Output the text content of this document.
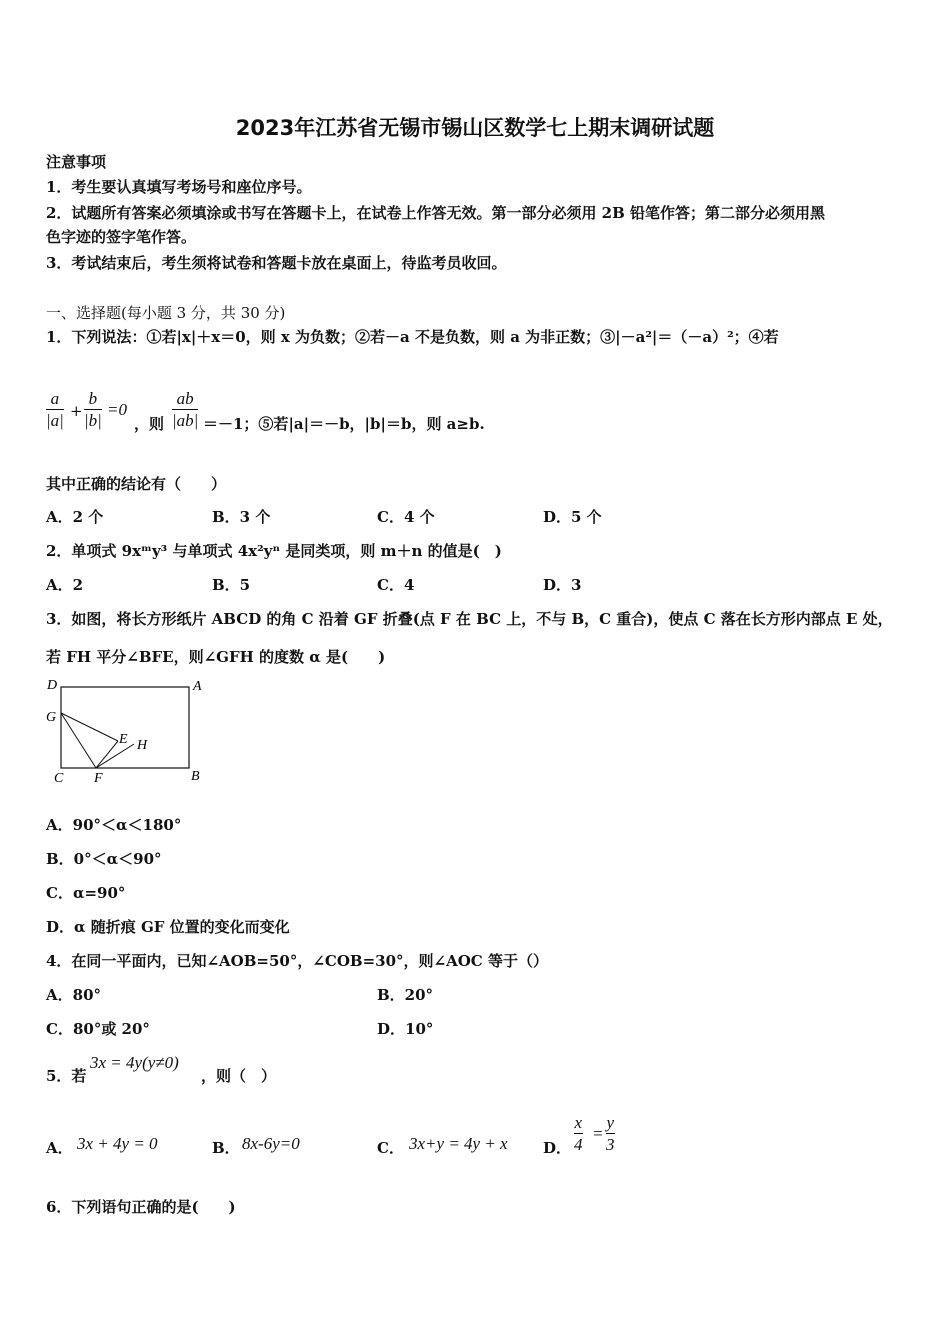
2023年江苏省无锡市锡山区数学七上期末调研试题
注意事项
1．考生要认真填写考场号和座位序号。
2．试题所有答案必须填涂或书写在答题卡上，在试卷上作答无效。第一部分必须用 2B 铅笔作答；第二部分必须用黑
色字迹的签字笔作答。
3．考试结束后，考生须将试卷和答题卡放在桌面上，待监考员收回。
一、选择题(每小题 3 分，共 30 分)
1．下列说法：①若|x|＋x＝0，则 x 为负数；②若－a 不是负数，则 a 为非正数；③|－a²|＝（－a）²；④若
$\frac{a}{|a|} + \frac{b}{|b|} =0$
，则 $\frac{ab}{|ab|} =-1$；⑤若|a|＝－b，|b|＝b，则 a≥b.
其中正确的结论有（　　）
A．2 个	B．3 个	C．4 个	D．5 个
2．单项式 9xᵐy³ 与单项式 4x²yⁿ 是同类项，则 m＋n 的值是(　)
A．2	B．5	C．4	D．3
3．如图，将长方形纸片 ABCD 的角 C 沿着 GF 折叠(点 F 在 BC 上，不与 B，C 重合)，使点 C 落在长方形内部点 E 处，
若 FH 平分∠BFE，则∠GFH 的度数 α 是(　　)
D	A
G
E H
C F	B
A．90°＜α＜180°
B．0°＜α＜90°
C．α=90°
D．α 随折痕 GF 位置的变化而变化
4．在同一平面内，已知∠AOB=50°，∠COB=30°，则∠AOC 等于（）
A．80°	B．20°
C．80°或 20°	D．10°
5．若
3x = 4y(y≠0)
，则（　）
A． 3x + 4y = 0	B． 8x-6y=0	C． 3x+y = 4y + x D． $\frac{x}{4} = \frac{y}{3}$
6．下列语句正确的是(　　)
